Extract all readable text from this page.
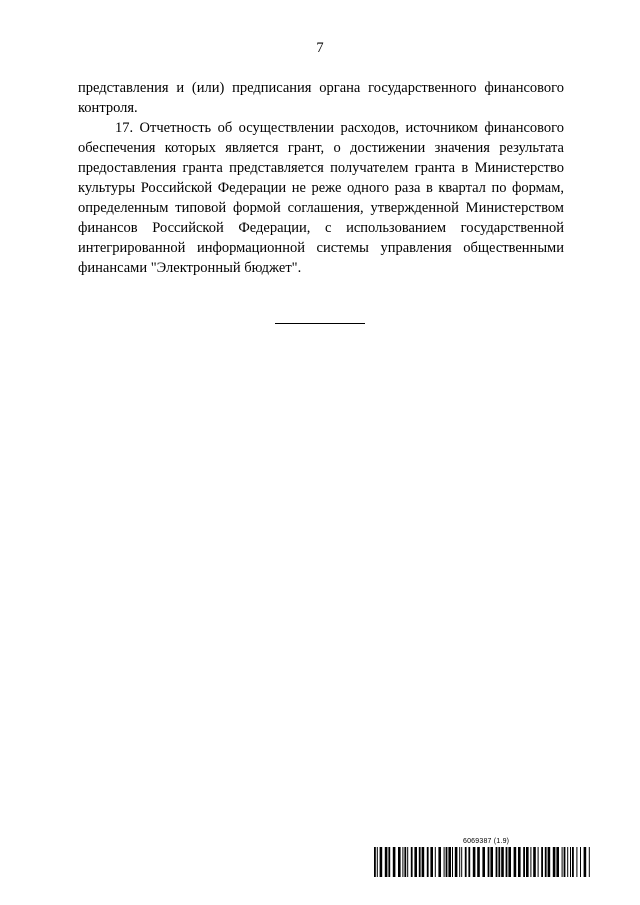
7

представления и (или) предписания органа государственного финансового контроля.

17. Отчетность об осуществлении расходов, источником финансового обеспечения которых является грант, о достижении значения результата предоставления гранта представляется получателем гранта в Министерство культуры Российской Федерации не реже одного раза в квартал по формам, определенным типовой формой соглашения, утвержденной Министерством финансов Российской Федерации, с использованием государственной интегрированной информационной системы управления общественными финансами "Электронный бюджет".

6069387 (1.9)
